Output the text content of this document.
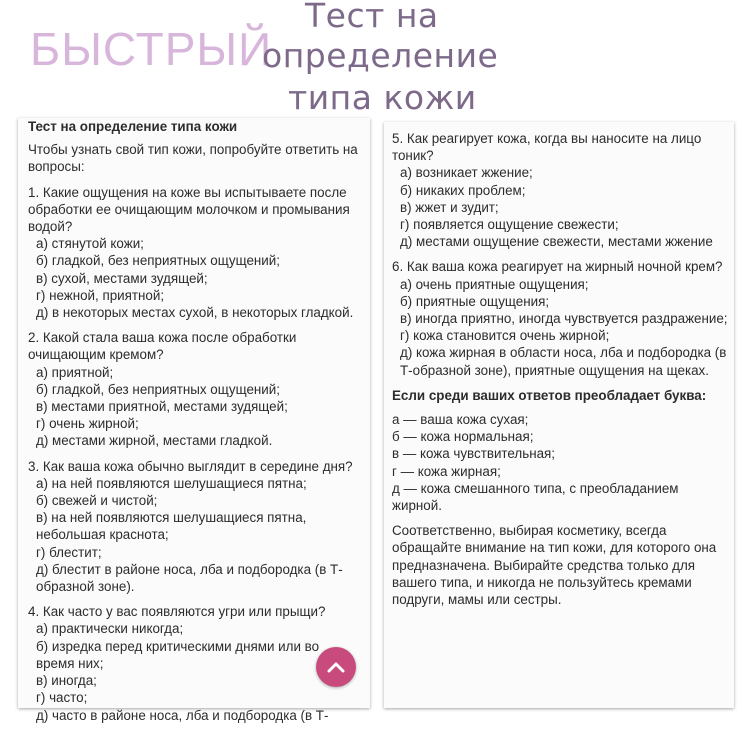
БЫСТРЫЙ
Тест на
определение
типа кожи
Тест на определение типа кожи
Чтобы узнать свой тип кожи, попробуйте ответить на вопросы:
1. Какие ощущения на коже вы испытываете после обработки ее очищающим молочком и промывания водой?
а) стянутой кожи;
б) гладкой, без неприятных ощущений;
в) сухой, местами зудящей;
г) нежной, приятной;
д) в некоторых местах сухой, в некоторых гладкой.
2. Какой стала ваша кожа после обработки очищающим кремом?
а) приятной;
б) гладкой, без неприятных ощущений;
в) местами приятной, местами зудящей;
г) очень жирной;
д) местами жирной, местами гладкой.
3. Как ваша кожа обычно выглядит в середине дня?
а) на ней появляются шелушащиеся пятна;
б) свежей и чистой;
в) на ней появляются шелушащиеся пятна, небольшая краснота;
г) блестит;
д) блестит в районе носа, лба и подбородка (в Т-образной зоне).
4. Как часто у вас появляются угри или прыщи?
а) практически никогда;
б) изредка перед критическими днями или во время них;
в) иногда;
г) часто;
д) часто в районе носа, лба и подбородка (в Т-
5. Как реагирует кожа, когда вы наносите на лицо тоник?
а) возникает жжение;
б) никаких проблем;
в) жжет и зудит;
г) появляется ощущение свежести;
д) местами ощущение свежести, местами жжение
6. Как ваша кожа реагирует на жирный ночной крем?
а) очень приятные ощущения;
б) приятные ощущения;
в) иногда приятно, иногда чувствуется раздражение;
г) кожа становится очень жирной;
д) кожа жирная в области носа, лба и подбородка (в Т-образной зоне), приятные ощущения на щеках.
Если среди ваших ответов преобладает буква:
а — ваша кожа сухая;
б — кожа нормальная;
в — кожа чувствительная;
г — кожа жирная;
д — кожа смешанного типа, с преобладанием жирной.
Соответственно, выбирая косметику, всегда обращайте внимание на тип кожи, для которого она предназначена. Выбирайте средства только для вашего типа, и никогда не пользуйтесь кремами подруги, мамы или сестры.
